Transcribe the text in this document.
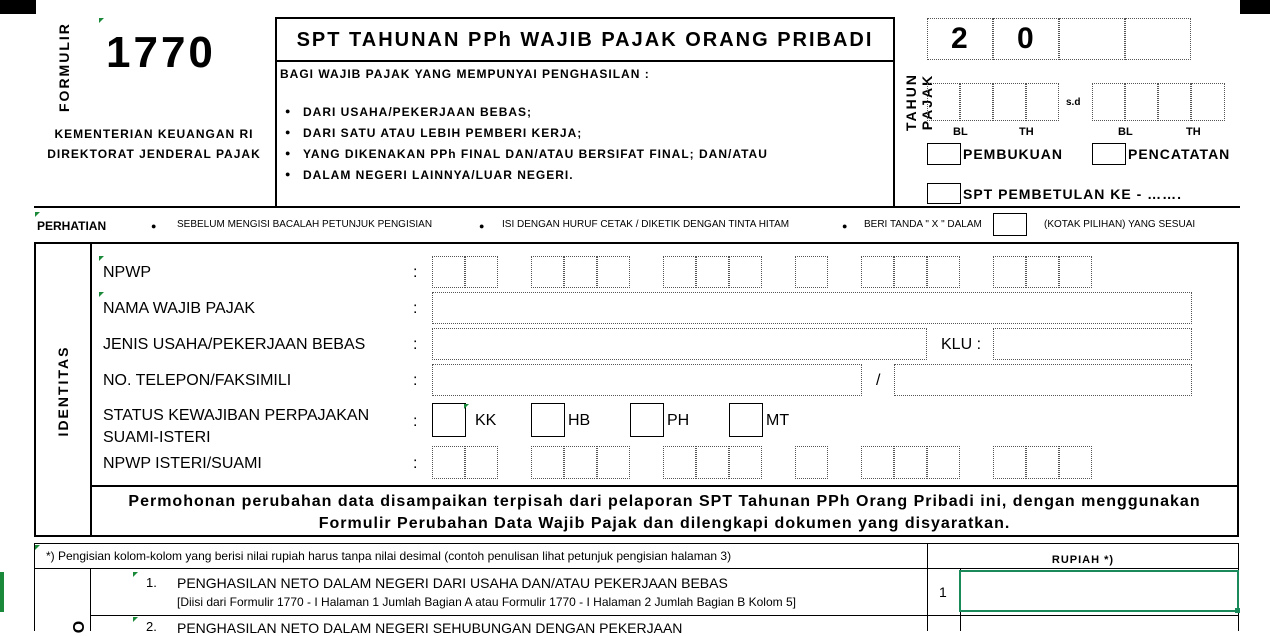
FORMULIR 1770
KEMENTERIAN KEUANGAN RI
DIREKTORAT JENDERAL PAJAK
SPT TAHUNAN PPh WAJIB PAJAK ORANG PRIBADI
BAGI WAJIB PAJAK YANG MEMPUNYAI PENGHASILAN :
● DARI USAHA/PEKERJAAN BEBAS;
● DARI SATU ATAU LEBIH PEMBERI KERJA;
● YANG DIKENAKAN PPh FINAL DAN/ATAU BERSIFAT FINAL; DAN/ATAU
● DALAM NEGERI LAINNYA/LUAR NEGERI.
TAHUN PAJAK
2 0
s.d
BL	TH	BL	TH
PEMBUKUAN	PENCATATAN
SPT PEMBETULAN KE - …….
PERHATIAN	● SEBELUM MENGISI BACALAH PETUNJUK PENGISIAN	● ISI DENGAN HURUF CETAK / DIKETIK DENGAN TINTA HITAM	● BERI TANDA " X " DALAM	(KOTAK PILIHAN) YANG SESUAI
IDENTITAS
NPWP	:
NAMA WAJIB PAJAK	:
JENIS USAHA/PEKERJAAN BEBAS	:	KLU :
NO. TELEPON/FAKSIMILI	:	/
STATUS KEWAJIBAN PERPAJAKAN
SUAMI-ISTERI
:	KK	HB	PH	MT
NPWP ISTERI/SUAMI	:
Permohonan perubahan data disampaikan terpisah dari pelaporan SPT Tahunan PPh Orang Pribadi ini, dengan menggunakan
Formulir Perubahan Data Wajib Pajak dan dilengkapi dokumen yang disyaratkan.
*) Pengisian kolom-kolom yang berisi nilai rupiah harus tanpa nilai desimal (contoh penulisan lihat petunjuk pengisian halaman 3)	RUPIAH *)
O
1. PENGHASILAN NETO DALAM NEGERI DARI USAHA DAN/ATAU PEKERJAAN BEBAS
[Diisi dari Formulir 1770 - I Halaman 1 Jumlah Bagian A atau Formulir 1770 - I Halaman 2 Jumlah Bagian B Kolom 5]
1
2. PENGHASILAN NETO DALAM NEGERI SEHUBUNGAN DENGAN PEKERJAAN
